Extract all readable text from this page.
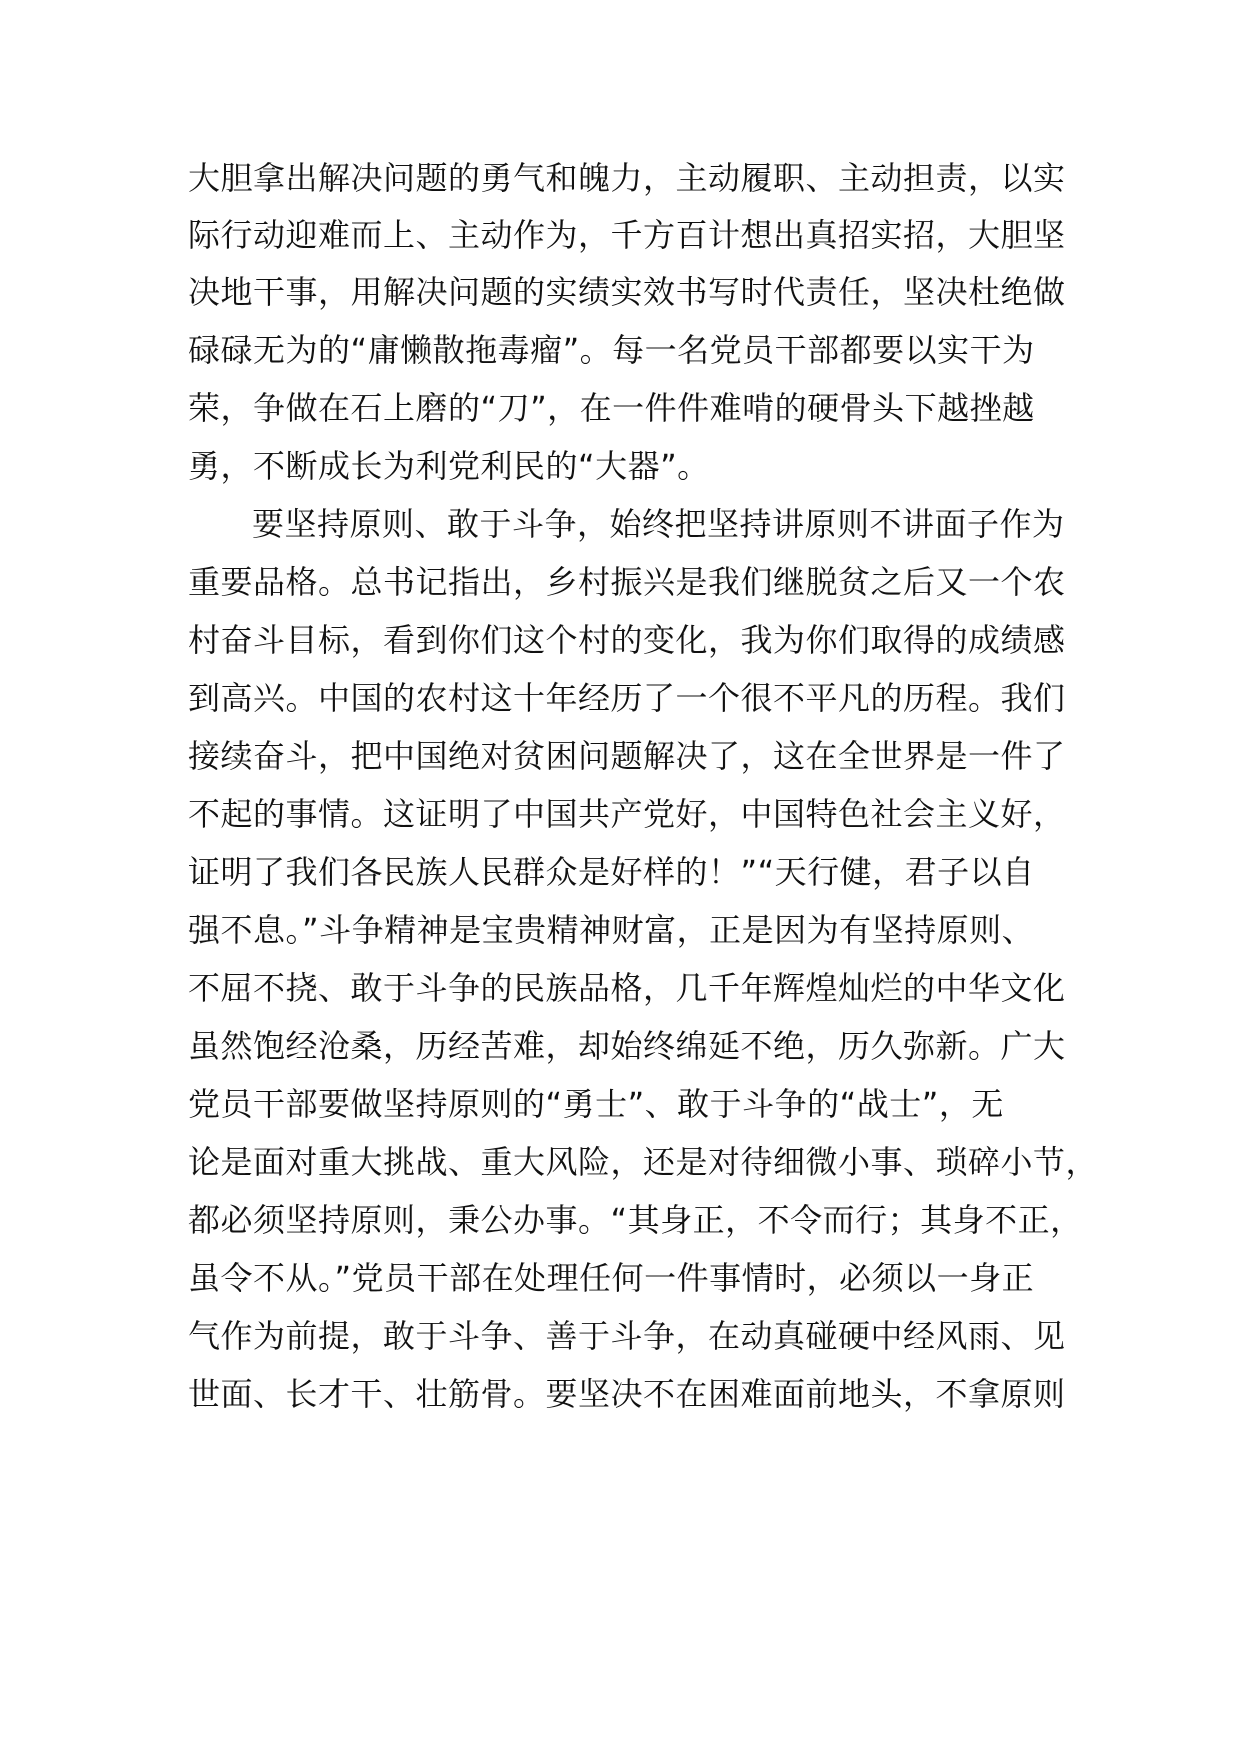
大胆拿出解决问题的勇气和魄力，主动履职、主动担责，以实
际行动迎难而上、主动作为，千方百计想出真招实招，大胆坚
决地干事，用解决问题的实绩实效书写时代责任，坚决杜绝做
碌碌无为的“庸懒散拖毒瘤”。每一名党员干部都要以实干为
荣，争做在石上磨的“刀”，在一件件难啃的硬骨头下越挫越
勇，不断成长为利党利民的“大器”。
要坚持原则、敢于斗争，始终把坚持讲原则不讲面子作为
重要品格。总书记指出，乡村振兴是我们继脱贫之后又一个农
村奋斗目标，看到你们这个村的变化，我为你们取得的成绩感
到高兴。中国的农村这十年经历了一个很不平凡的历程。我们
接续奋斗，把中国绝对贫困问题解决了，这在全世界是一件了
不起的事情。这证明了中国共产党好，中国特色社会主义好，
证明了我们各民族人民群众是好样的！”“天行健，君子以自
强不息。”斗争精神是宝贵精神财富，正是因为有坚持原则、
不屈不挠、敢于斗争的民族品格，几千年辉煌灿烂的中华文化
虽然饱经沧桑，历经苦难，却始终绵延不绝，历久弥新。广大
党员干部要做坚持原则的“勇士”、敢于斗争的“战士”，无
论是面对重大挑战、重大风险，还是对待细微小事、琐碎小节，
都必须坚持原则，秉公办事。“其身正，不令而行；其身不正，
虽令不从。”党员干部在处理任何一件事情时，必须以一身正
气作为前提，敢于斗争、善于斗争，在动真碰硬中经风雨、见
世面、长才干、壮筋骨。要坚决不在困难面前地头，不拿原则
